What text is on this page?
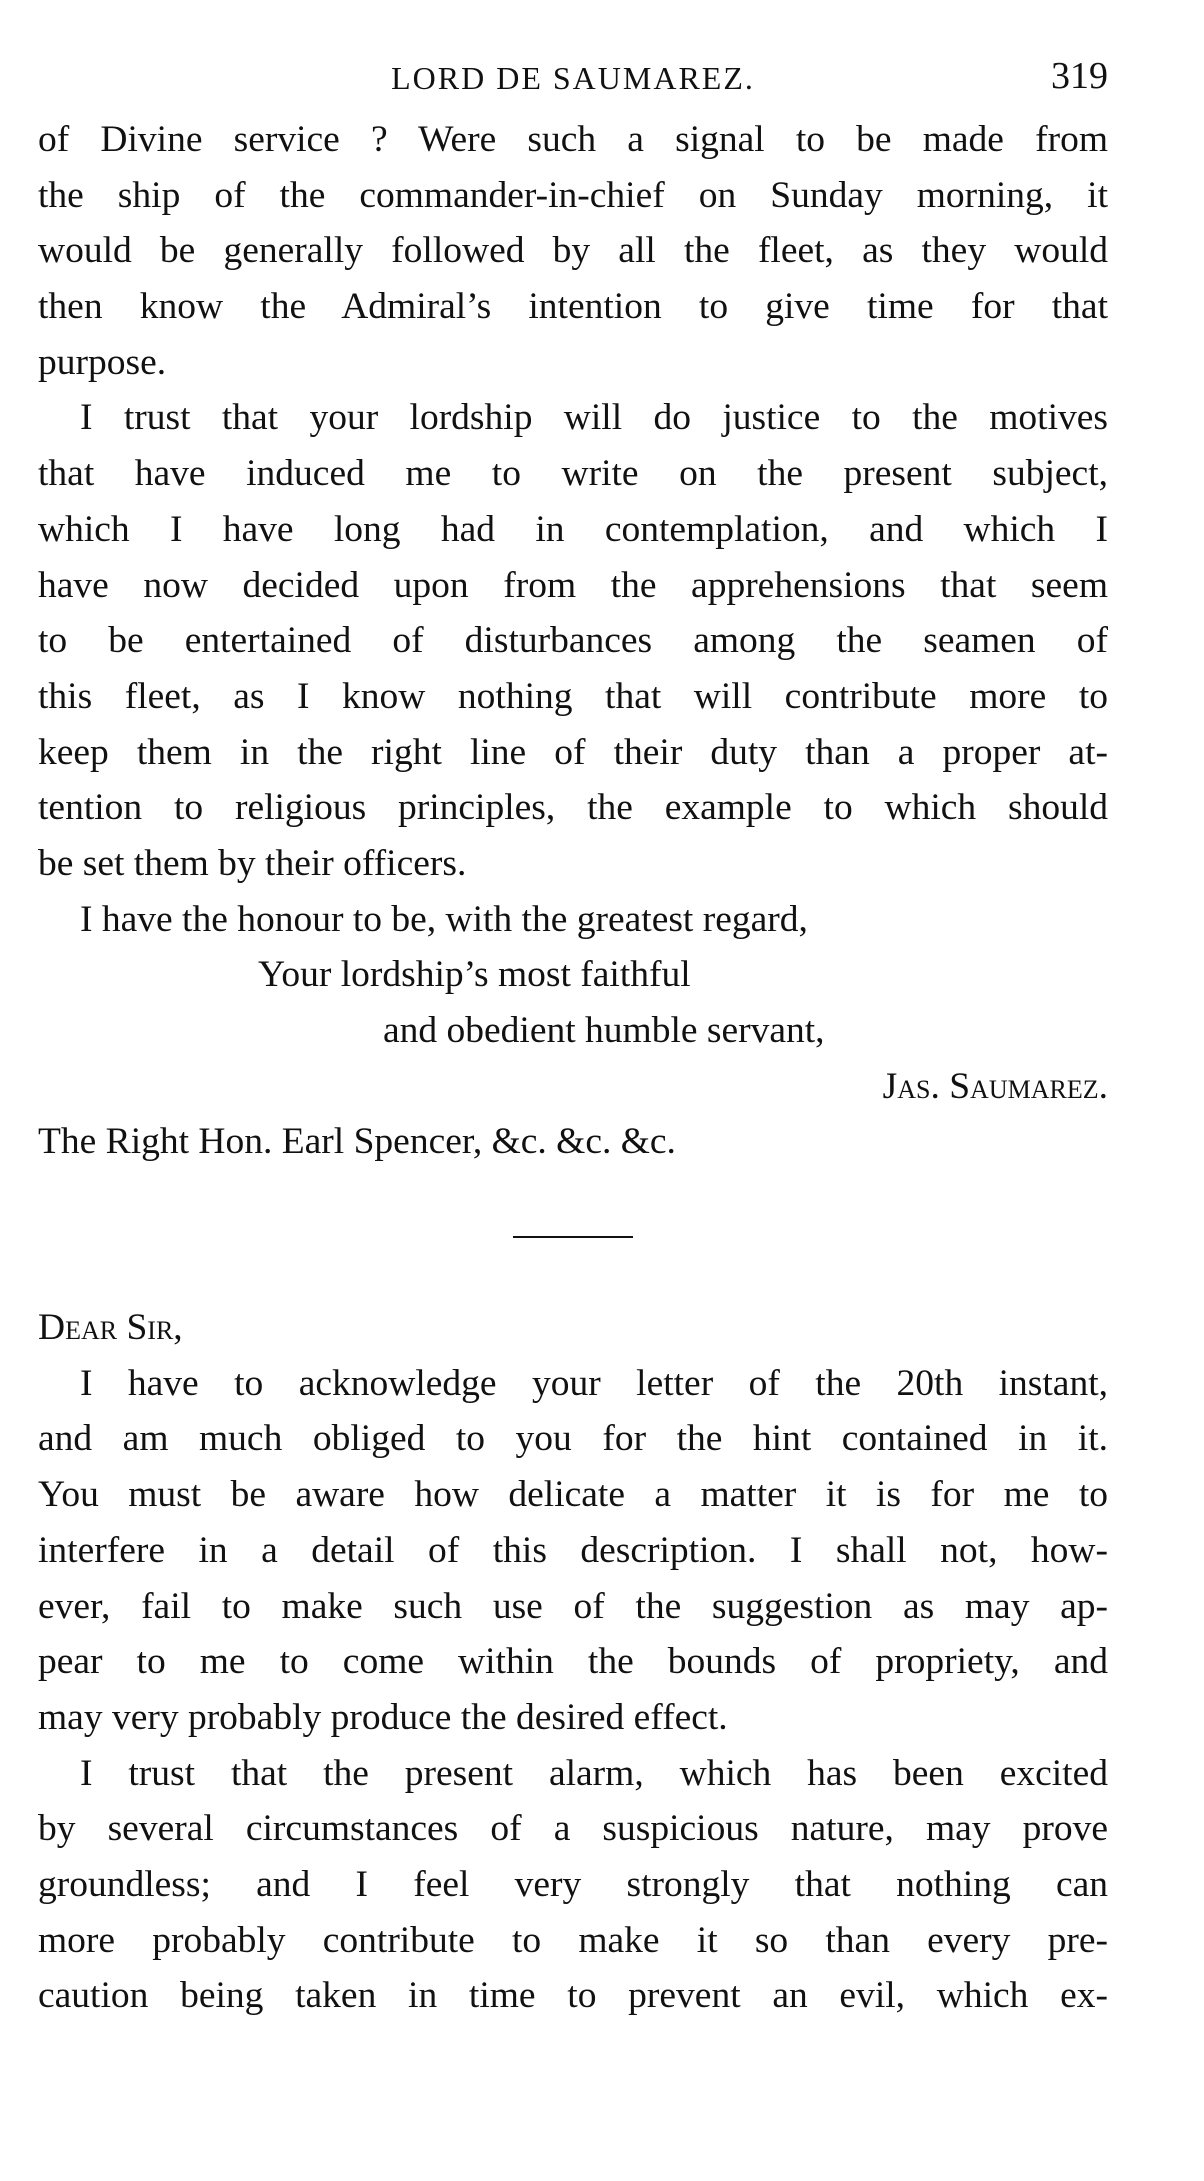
LORD DE SAUMAREZ.	319
of Divine service ? Were such a signal to be made from
the ship of the commander-in-chief on Sunday morning, it
would be generally followed by all the fleet, as they would
then know the Admiral’s intention to give time for that
purpose.
I trust that your lordship will do justice to the motives
that have induced me to write on the present subject,
which I have long had in contemplation, and which I
have now decided upon from the apprehensions that seem
to be entertained of disturbances among the seamen of
this fleet, as I know nothing that will contribute more to
keep them in the right line of their duty than a proper at-
tention to religious principles, the example to which should
be set them by their officers.
I have the honour to be, with the greatest regard,
Your lordship’s most faithful
and obedient humble servant,
Jas. Saumarez.
The Right Hon. Earl Spencer, &c. &c. &c.
Dear Sir,
I have to acknowledge your letter of the 20th instant,
and am much obliged to you for the hint contained in it.
You must be aware how delicate a matter it is for me to
interfere in a detail of this description. I shall not, how-
ever, fail to make such use of the suggestion as may ap-
pear to me to come within the bounds of propriety, and
may very probably produce the desired effect.
I trust that the present alarm, which has been excited
by several circumstances of a suspicious nature, may prove
groundless; and I feel very strongly that nothing can
more probably contribute to make it so than every pre-
caution being taken in time to prevent an evil, which ex-
